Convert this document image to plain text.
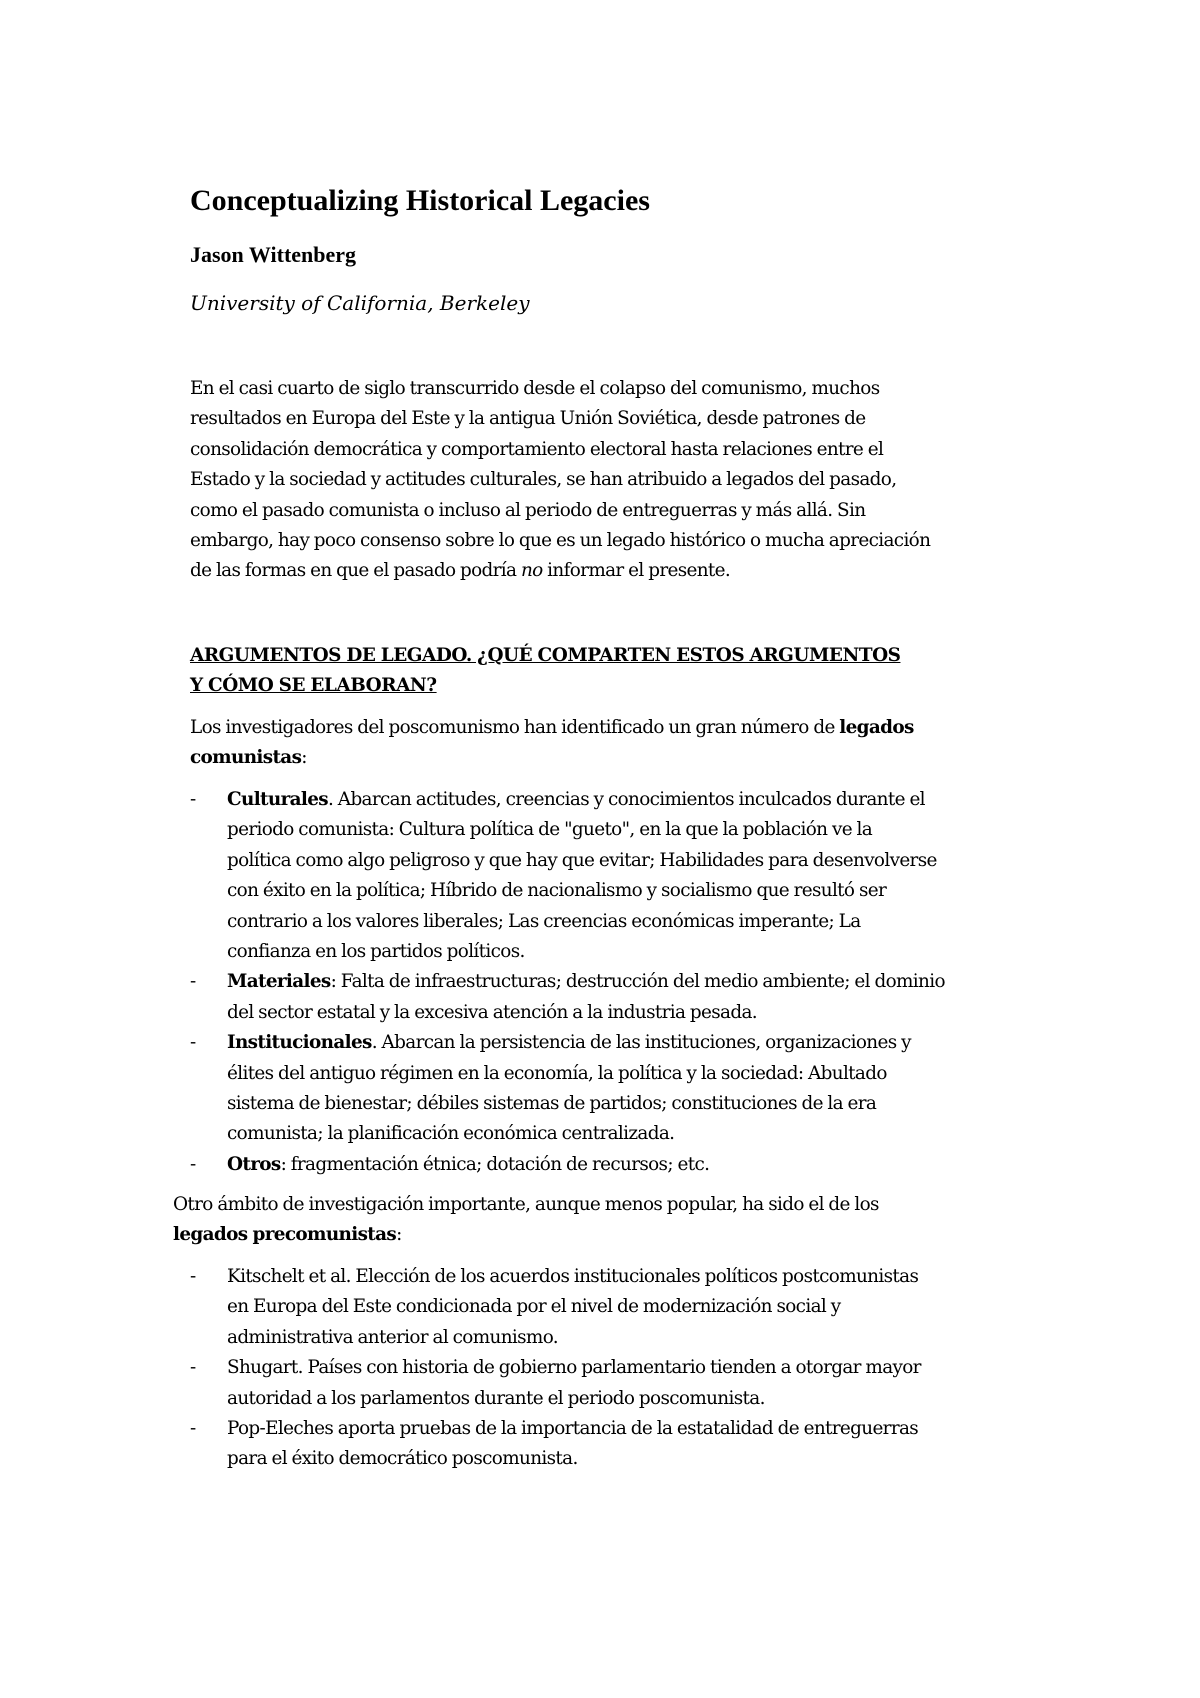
Conceptualizing Historical Legacies
Jason Wittenberg
University of California, Berkeley

En el casi cuarto de siglo transcurrido desde el colapso del comunismo, muchos
resultados en Europa del Este y la antigua Unión Soviética, desde patrones de
consolidación democrática y comportamiento electoral hasta relaciones entre el
Estado y la sociedad y actitudes culturales, se han atribuido a legados del pasado,
como el pasado comunista o incluso al periodo de entreguerras y más allá. Sin
embargo, hay poco consenso sobre lo que es un legado histórico o mucha apreciación
de las formas en que el pasado podría no informar el presente.

ARGUMENTOS DE LEGADO. ¿QUÉ COMPARTEN ESTOS ARGUMENTOS
Y CÓMO SE ELABORAN?

Los investigadores del poscomunismo han identificado un gran número de legados
comunistas:

- Culturales. Abarcan actitudes, creencias y conocimientos inculcados durante el
periodo comunista: Cultura política de "gueto", en la que la población ve la
política como algo peligroso y que hay que evitar; Habilidades para desenvolverse
con éxito en la política; Híbrido de nacionalismo y socialismo que resultó ser
contrario a los valores liberales; Las creencias económicas imperante; La
confianza en los partidos políticos.
- Materiales: Falta de infraestructuras; destrucción del medio ambiente; el dominio
del sector estatal y la excesiva atención a la industria pesada.
- Institucionales. Abarcan la persistencia de las instituciones, organizaciones y
élites del antiguo régimen en la economía, la política y la sociedad: Abultado
sistema de bienestar; débiles sistemas de partidos; constituciones de la era
comunista; la planificación económica centralizada.
- Otros: fragmentación étnica; dotación de recursos; etc.

Otro ámbito de investigación importante, aunque menos popular, ha sido el de los
legados precomunistas:

- Kitschelt et al. Elección de los acuerdos institucionales políticos postcomunistas
en Europa del Este condicionada por el nivel de modernización social y
administrativa anterior al comunismo.
- Shugart. Países con historia de gobierno parlamentario tienden a otorgar mayor
autoridad a los parlamentos durante el periodo poscomunista.
- Pop-Eleches aporta pruebas de la importancia de la estatalidad de entreguerras
para el éxito democrático poscomunista.
